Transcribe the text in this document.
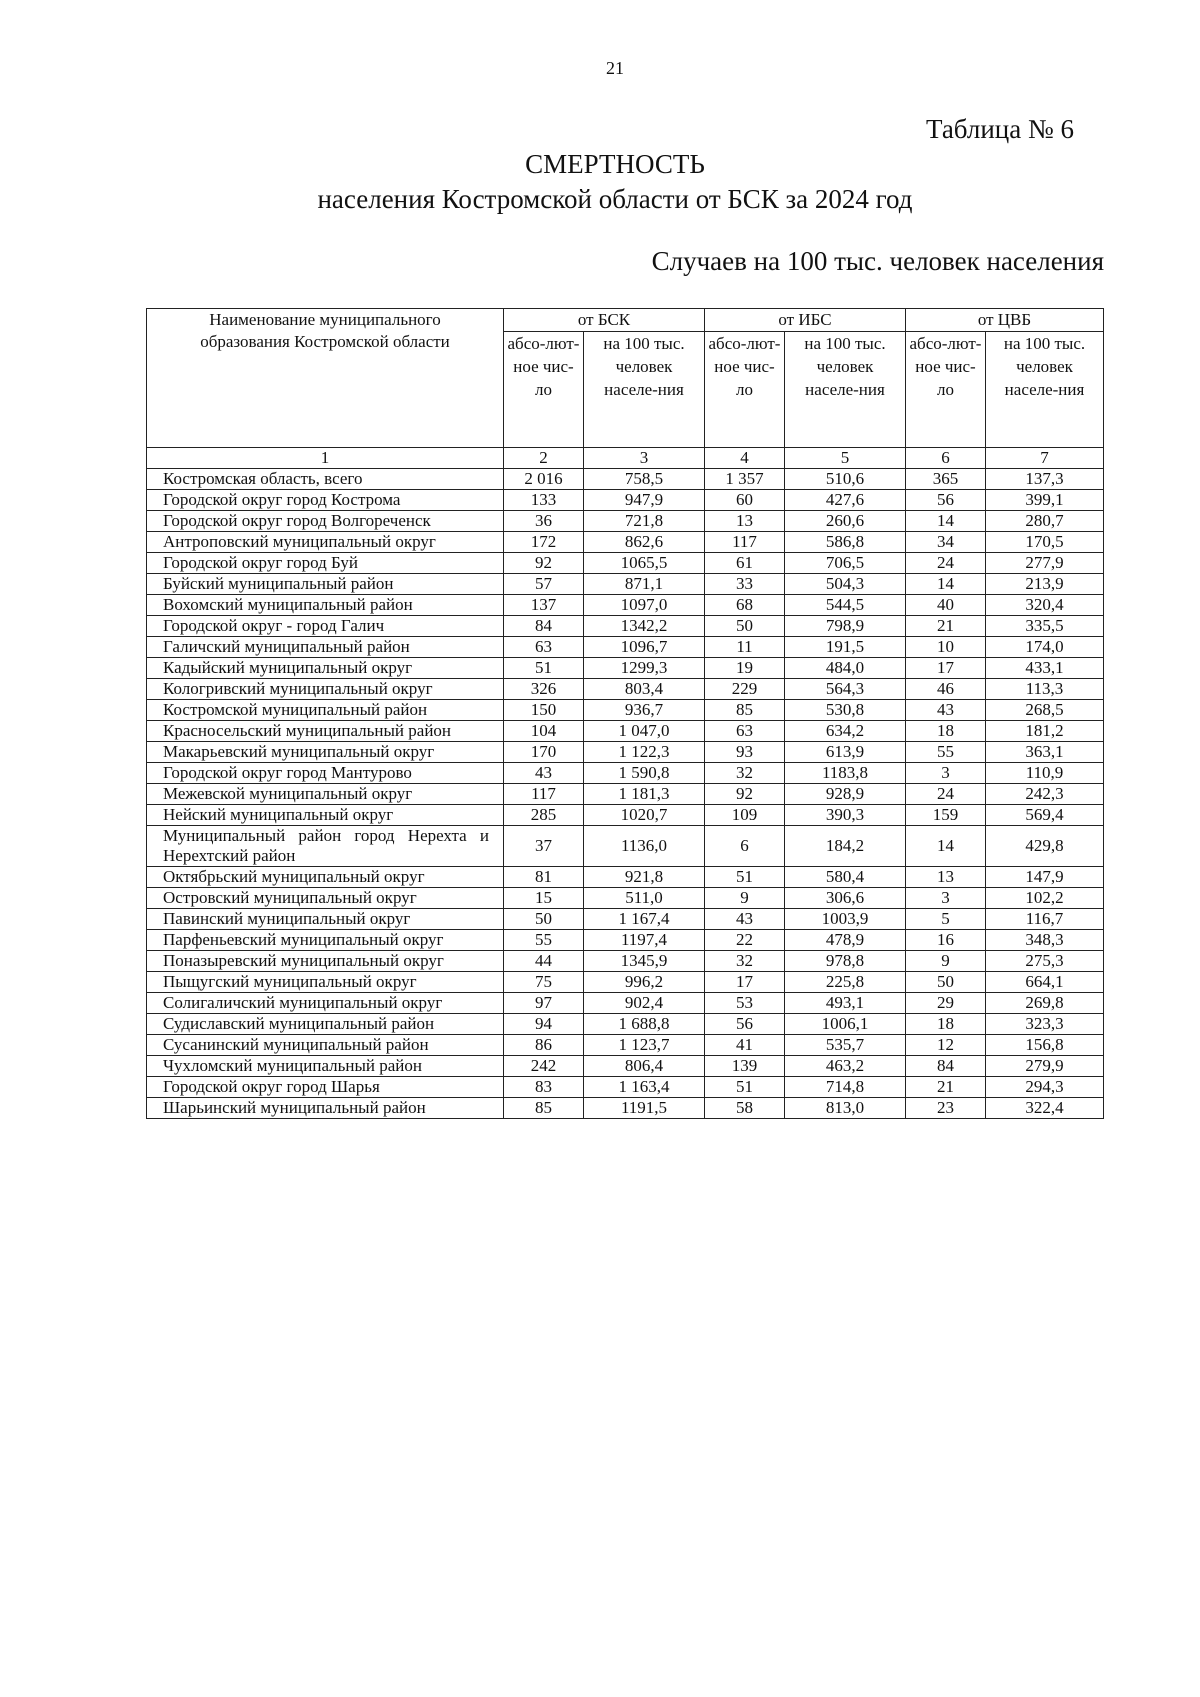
21
Таблица № 6
СМЕРТНОСТЬ
населения Костромской области от БСК за 2024 год
Случаев на 100 тыс. человек населения
Наименование муниципального образования Костромской области	от БСК		от ИБС		от ЦВБ	
	абсо-лют-ное чис-ло	на 100 тыс. человек населе-ния	абсо-лют-ное чис-ло	на 100 тыс. человек населе-ния	абсо-лют-ное чис-ло	на 100 тыс. человек населе-ния
1	2	3	4	5	6	7
Костромская область, всего	2 016	758,5	1 357	510,6	365	137,3
Городской округ город Кострома	133	947,9	60	427,6	56	399,1
Городской округ город Волгореченск	36	721,8	13	260,6	14	280,7
Антроповский муниципальный округ	172	862,6	117	586,8	34	170,5
Городской округ город Буй	92	1065,5	61	706,5	24	277,9
Буйский муниципальный район	57	871,1	33	504,3	14	213,9
Вохомский муниципальный район	137	1097,0	68	544,5	40	320,4
Городской округ - город Галич	84	1342,2	50	798,9	21	335,5
Галичский муниципальный район	63	1096,7	11	191,5	10	174,0
Кадыйский муниципальный округ	51	1299,3	19	484,0	17	433,1
Кологривский муниципальный округ	326	803,4	229	564,3	46	113,3
Костромской муниципальный район	150	936,7	85	530,8	43	268,5
Красносельский муниципальный район	104	1 047,0	63	634,2	18	181,2
Макарьевский муниципальный округ	170	1 122,3	93	613,9	55	363,1
Городской округ город Мантурово	43	1 590,8	32	1183,8	3	110,9
Межевской муниципальный округ	117	1 181,3	92	928,9	24	242,3
Нейский муниципальный округ	285	1020,7	109	390,3	159	569,4
Муниципальный район город Нерехта и Нерехтский район	37	1136,0	6	184,2	14	429,8
Октябрьский муниципальный округ	81	921,8	51	580,4	13	147,9
Островский муниципальный округ	15	511,0	9	306,6	3	102,2
Павинский муниципальный округ	50	1 167,4	43	1003,9	5	116,7
Парфеньевский муниципальный округ	55	1197,4	22	478,9	16	348,3
Поназыревский муниципальный округ	44	1345,9	32	978,8	9	275,3
Пыщугский муниципальный округ	75	996,2	17	225,8	50	664,1
Солигаличский муниципальный округ	97	902,4	53	493,1	29	269,8
Судиславский муниципальный район	94	1 688,8	56	1006,1	18	323,3
Сусанинский муниципальный район	86	1 123,7	41	535,7	12	156,8
Чухломский муниципальный район	242	806,4	139	463,2	84	279,9
Городской округ город Шарья	83	1 163,4	51	714,8	21	294,3
Шарьинский муниципальный район	85	1191,5	58	813,0	23	322,4
